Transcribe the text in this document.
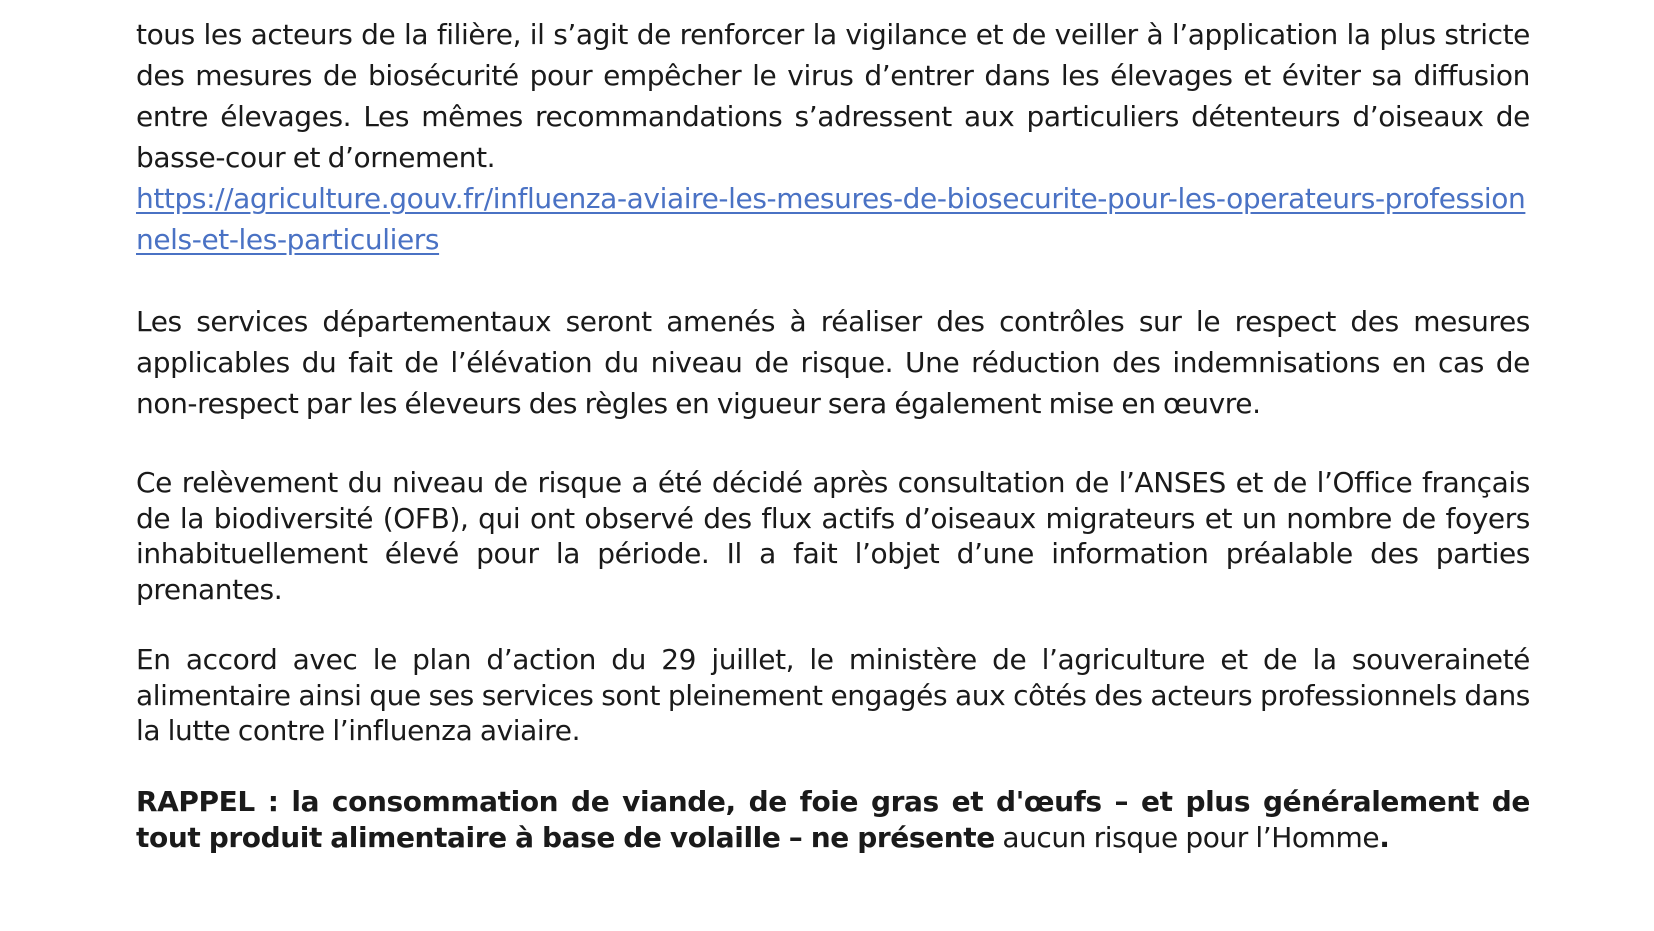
tous les acteurs de la filière, il s’agit de renforcer la vigilance et de veiller à l’application la plus stricte des mesures de biosécurité pour empêcher le virus d’entrer dans les élevages et éviter sa diffusion entre élevages. Les mêmes recommandations s’adressent aux particuliers détenteurs d’oiseaux de basse-cour et d’ornement.
https://agriculture.gouv.fr/influenza-aviaire-les-mesures-de-biosecurite-pour-les-operateurs-professionnels-et-les-particuliers

Les services départementaux seront amenés à réaliser des contrôles sur le respect des mesures applicables du fait de l’élévation du niveau de risque. Une réduction des indemnisations en cas de non-respect par les éleveurs des règles en vigueur sera également mise en œuvre.

Ce relèvement du niveau de risque a été décidé après consultation de l’ANSES et de l’Office français de la biodiversité (OFB), qui ont observé des flux actifs d’oiseaux migrateurs et un nombre de foyers inhabituellement élevé pour la période. Il a fait l’objet d’une information préalable des parties prenantes.

En accord avec le plan d’action du 29 juillet, le ministère de l’agriculture et de la souveraineté alimentaire ainsi que ses services sont pleinement engagés aux côtés des acteurs professionnels dans la lutte contre l’influenza aviaire.

RAPPEL : la consommation de viande, de foie gras et d'œufs – et plus généralement de tout produit alimentaire à base de volaille – ne présente aucun risque pour l’Homme.
